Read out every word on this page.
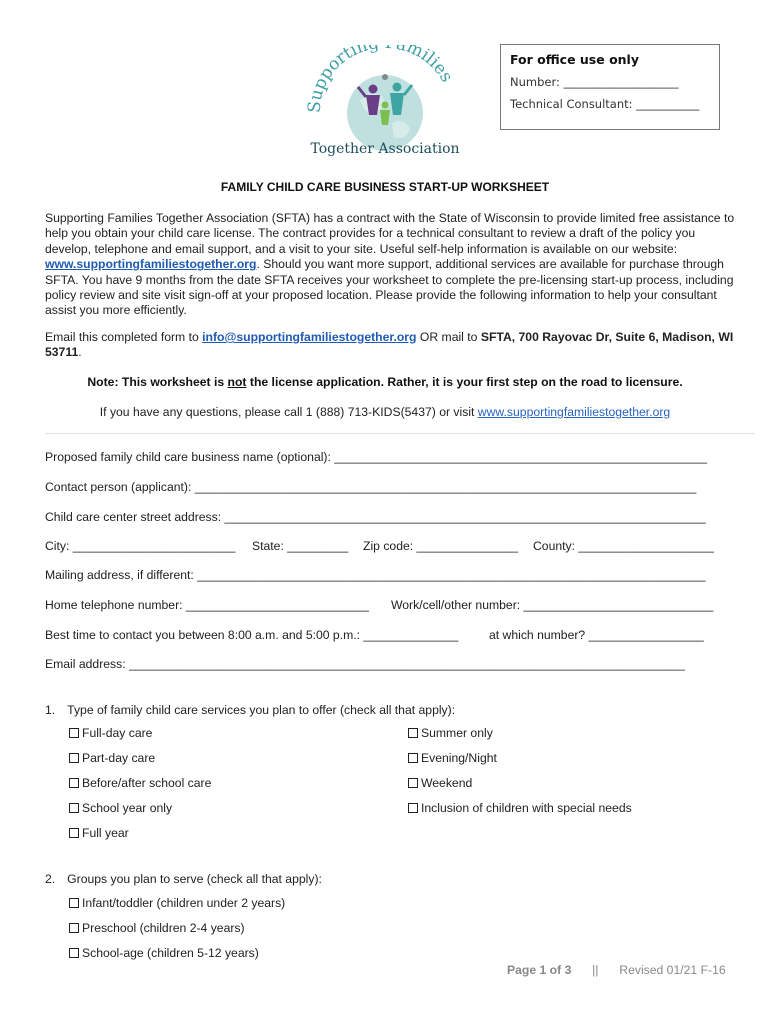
Supportin milies
Together Association
For office use only
Number: ____________________
Technical Consultant: ___________
FAMILY CHILD CARE BUSINESS START-UP WORKSHEET

Supporting Families Together Association (SFTA) has a contract with the State of Wisconsin to provide limited free assistance to help you obtain your child care license. The contract provides for a technical consultant to review a draft of the policy you develop, telephone and email support, and a visit to your site. Useful self-help information is available on our website: www.supportingfamiliestogether.org. Should you want more support, additional services are available for purchase through SFTA. You have 9 months from the date SFTA receives your worksheet to complete the pre-licensing start-up process, including policy review and site visit sign-off at your proposed location. Please provide the following information to help your consultant assist you more efficiently.

Email this completed form to info@supportingfamiliestogether.org OR mail to SFTA, 700 Rayovac Dr, Suite 6, Madison, WI 53711.

Note: This worksheet is not the license application. Rather, it is your first step on the road to licensure.
If you have any questions, please call 1 (888) 713-KIDS(5437) or visit www.supportingfamiliestogether.org
Proposed family child care business name (optional): _______________________________________________________
Contact person (applicant): __________________________________________________________________________
Child care center street address: _______________________________________________________________________
City: ________________________ State: _________ Zip code: _______________ County: ____________________
Mailing address, if different: ___________________________________________________________________________
Home telephone number: ___________________________ Work/cell/other number: ____________________________
Best time to contact you between 8:00 a.m. and 5:00 p.m.: ______________	at which number? _________________
Email address: __________________________________________________________________________________
1. Type of family child care services you plan to offer (check all that apply):
Full-day care
Part-day care
Before/after school care
School year only
Full year
Summer only
Evening/Night
Weekend
Inclusion of children with special needs
2. Groups you plan to serve (check all that apply):
Infant/toddler (children under 2 years)
Preschool (children 2-4 years)
School-age (children 5-12 years)
Page 1 of 3 || Revised 01/21 F-16
